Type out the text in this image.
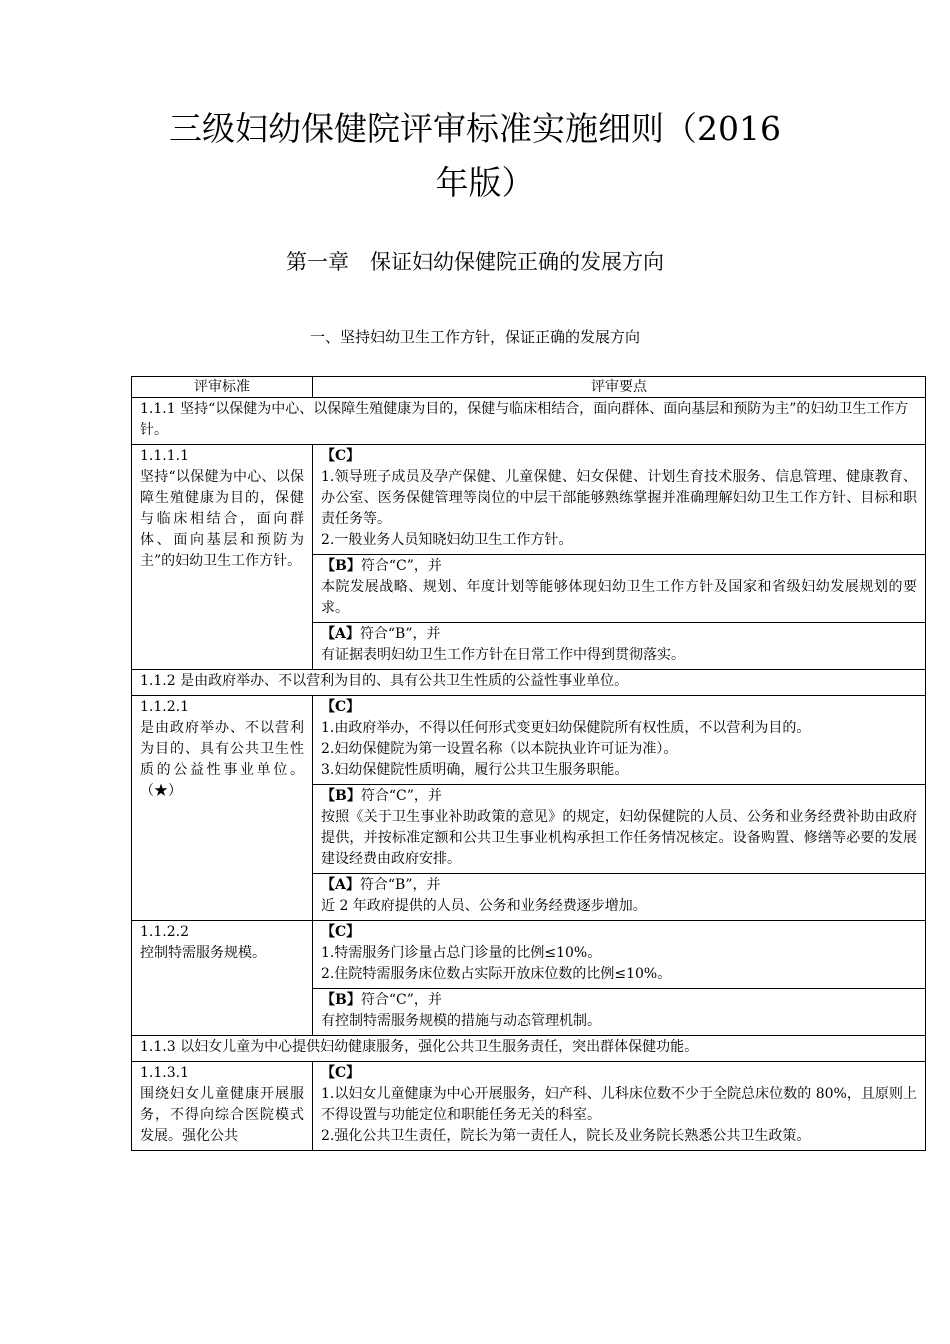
三级妇幼保健院评审标准实施细则（2016
年版）
第一章　保证妇幼保健院正确的发展方向
一、坚持妇幼卫生工作方针，保证正确的发展方向
评审标准	评审要点
1.1.1 坚持“以保健为中心、以保障生殖健康为目的，保健与临床相结合，面向群体、面向基层和预防为主”的妇幼卫生工作方针。	

1.1.1.1
坚持“以保健为中心、以保障生殖健康为目的，保健与临床相结合，面向群体、面向基层和预防为主”的妇幼卫生工作方针。	【C】
1.领导班子成员及孕产保健、儿童保健、妇女保健、计划生育技术服务、信息管理、健康教育、办公室、医务保健管理等岗位的中层干部能够熟练掌握并准确理解妇幼卫生工作方针、目标和职责任务等。
2.一般业务人员知晓妇幼卫生工作方针。

	【B】符合“C”，并
本院发展战略、规划、年度计划等能够体现妇幼卫生工作方针及国家和省级妇幼发展规划的要求。

	【A】符合“B”，并
有证据表明妇幼卫生工作方针在日常工作中得到贯彻落实。

1.1.2 是由政府举办、不以营利为目的、具有公共卫生性质的公益性事业单位。	

1.1.2.1
是由政府举办、不以营利为目的、具有公共卫生性质的公益性事业单位。（★）	【C】
1.由政府举办，不得以任何形式变更妇幼保健院所有权性质，不以营利为目的。
2.妇幼保健院为第一设置名称（以本院执业许可证为准）。
3.妇幼保健院性质明确，履行公共卫生服务职能。

	【B】符合“C”，并
按照《关于卫生事业补助政策的意见》的规定，妇幼保健院的人员、公务和业务经费补助由政府提供，并按标准定额和公共卫生事业机构承担工作任务情况核定。设备购置、修缮等必要的发展建设经费由政府安排。

	【A】符合“B”，并
近 2 年政府提供的人员、公务和业务经费逐步增加。

1.1.2.2
控制特需服务规模。	【C】
1.特需服务门诊量占总门诊量的比例≤10%。
2.住院特需服务床位数占实际开放床位数的比例≤10%。

	【B】符合“C”，并
有控制特需服务规模的措施与动态管理机制。

1.1.3 以妇女儿童为中心提供妇幼健康服务，强化公共卫生服务责任，突出群体保健功能。	

1.1.3.1
围绕妇女儿童健康开展服务，不得向综合医院模式发展。强化公共	【C】
1.以妇女儿童健康为中心开展服务，妇产科、儿科床位数不少于全院总床位数的 80%，且原则上不得设置与功能定位和职能任务无关的科室。
2.强化公共卫生责任，院长为第一责任人，院长及业务院长熟悉公共卫生政策。
